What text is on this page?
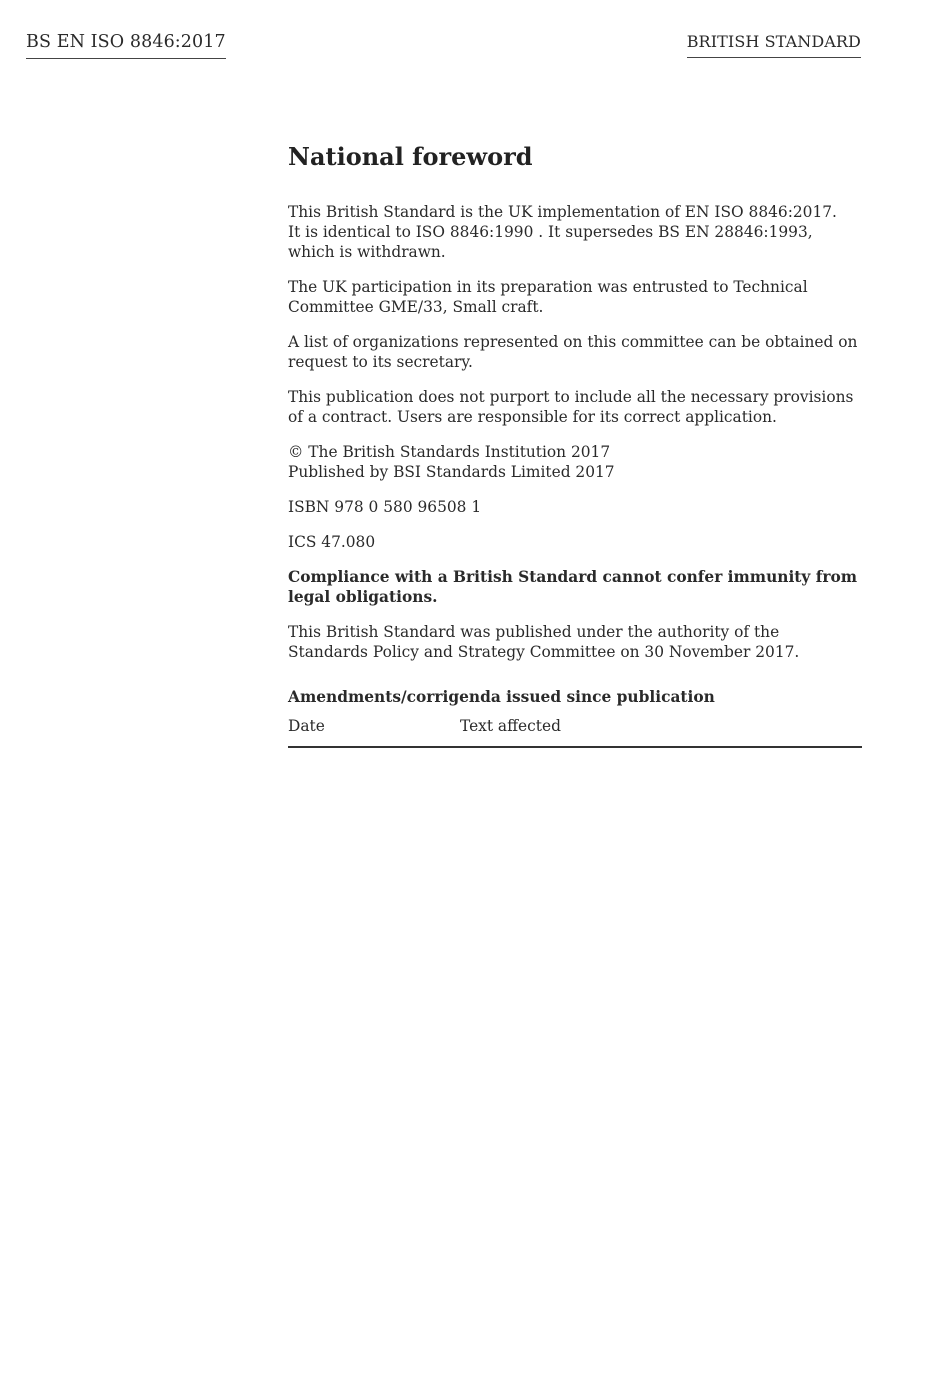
BS EN ISO 8846:2017	BRITISH STANDARD
National foreword

This British Standard is the UK implementation of EN ISO 8846:2017.
It is identical to ISO 8846:1990 . It supersedes BS EN 28846:1993,
which is withdrawn.

The UK participation in its preparation was entrusted to Technical
Committee GME/33, Small craft.

A list of organizations represented on this committee can be obtained on
request to its secretary.

This publication does not purport to include all the necessary provisions
of a contract. Users are responsible for its correct application.

© The British Standards Institution 2017
Published by BSI Standards Limited 2017

ISBN 978 0 580 96508 1

ICS 47.080

Compliance with a British Standard cannot confer immunity from
legal obligations.

This British Standard was published under the authority of the
Standards Policy and Strategy Committee on 30 November 2017.

Amendments/corrigenda issued since publication
Date	Text affected
